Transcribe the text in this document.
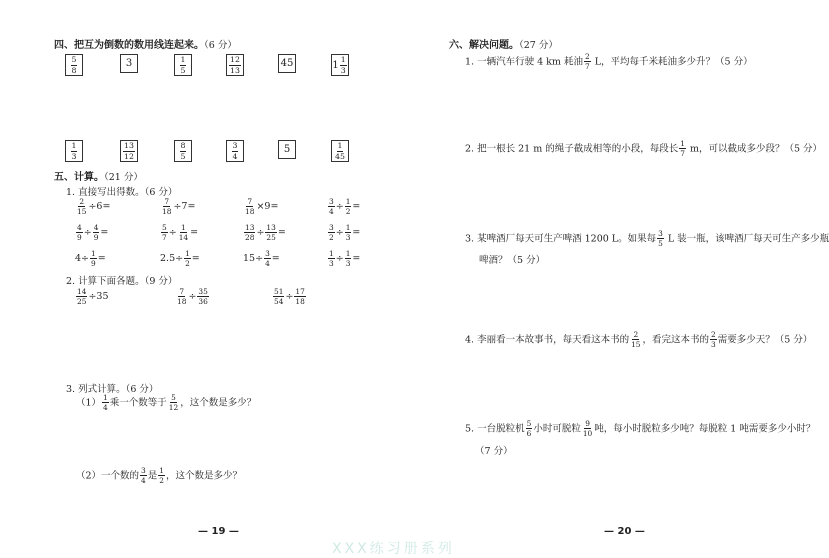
四、把互为倒数的数用线连起来。（6 分）
$\frac{5}{8}$	3	$\frac{1}{5}$	$\frac{12}{13}$	45	$1 \frac{1}{3}$
$\frac{1}{3}$	$\frac{13}{12}$	$\frac{8}{5}$	$\frac{3}{4}$	5	$\frac{1}{45}$
五、计算。（21 分）
1. 直接写出得数。（6 分）
$\frac{2}{15} \div 6=$	$\frac{7}{18} \div 7=$	$\frac{7}{18} \times 9=$	$\frac{3}{4} \div \frac{1}{2}$ =
$\frac{4}{9} \div \frac{4}{9}$ =	$\frac{5}{7} \div \frac{1}{14}$ =	$\frac{13}{28} \div \frac{13}{25}$ =	$\frac{3}{2} \div \frac{1}{3}$ =
$4\div \frac{1}{9}$ =	$2.5\div \frac{1}{2}$ =	$15\div \frac{3}{4}$ =	$\frac{1}{3} \div \frac{1}{3}$ =
2. 计算下面各题。（9 分）
$\frac{14}{25} \div 35$	$\frac{7}{18} \div \frac{35}{36}$	$\frac{51}{54} \div \frac{17}{18}$
3. 列式计算。（6 分）
$(1) \frac{1}{4}$ 乘一个数等于 $\frac{5}{12}$ ，这个数是多少？
（2）一个数的 $\frac{3}{4}$ 是 $\frac{1}{2}$ ，这个数是多少？
— 19 —
六、解决问题。（27 分）
1. 一辆汽车行驶 4 km 耗油 $\frac{2}{7}$ L，平均每千米耗油多少升？（5 分）
2. 把一根长 21 m 的绳子截成相等的小段，每段长 $\frac{1}{7}$ m，可以截成多少段？（5 分）
3. 某啤酒厂每天可生产啤酒 1200 L。如果每 $\frac{3}{5}$ L 装一瓶，该啤酒厂每天可生产多少瓶
啤酒？（5 分）
4. 李丽看一本故事书，每天看这本书的 $\frac{2}{15}$ ，看完这本书的 $\frac{2}{3}$ 需要多少天？（5 分）
5. 一台脱粒机 $\frac{5}{6}$ 小时可脱粒 $\frac{9}{10}$ 吨，每小时脱粒多少吨？每脱粒 1 吨需要多少小时？
（7 分）
— 20 —
XXX练习册系列
